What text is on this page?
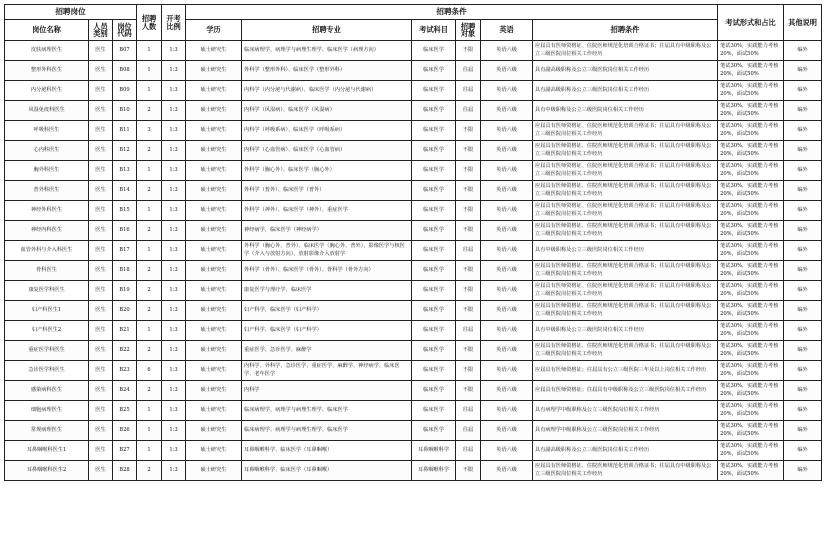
招聘岗位			招聘人数	开考比例	招聘条件						考试形式和占比	其他说明
岗位名称	人员类别	岗位代码			学历	招聘专业	考试科目	招聘对象	英语	招聘条件		
皮肤病理医生	医生	B07	1	1:3	硕士研究生	临床病理学、病理学与病理生理学、临床医学（病理方向）	临床医学	不限	英语六级	应届具有医师资格证、住院医师规范化培训合格证书；往届具有中级职称及公立三级医院岗位相关工作经历	笔试30%，实践能力考核20%，面试50%	编外
整形外科医生	医生	B08	1	1:3	硕士研究生	外科学（整形外科）、临床医学（整形外科）	临床医学	往届	英语六级	具有副高级职称及公立三级医院岗位相关工作经历	笔试30%，实践能力考核20%，面试50%	编外
内分泌科医生	医生	B09	1	1:3	硕士研究生	内科学（内分泌与代谢病）、临床医学（内分泌与代谢病）	临床医学	往届	英语六级	具有副高级职称及公立三级医院岗位相关工作经历	笔试30%，实践能力考核20%，面试50%	编外
风湿免疫科医生	医生	B10	2	1:3	硕士研究生	内科学（风湿病）、临床医学（风湿病）	临床医学	往届	英语六级	具有中级职称及公立三级医院岗位相关工作经历	笔试30%，实践能力考核20%，面试50%	编外
呼吸科医生	医生	B11	3	1:3	硕士研究生	内科学（呼吸系病）、临床医学（呼吸系病）	临床医学	不限	英语六级	应届具有医师资格证、住院医师规范化培训合格证书；往届具有中级职称及公立三级医院岗位相关工作经历	笔试30%，实践能力考核20%，面试50%	编外
心内科医生	医生	B12	2	1:3	硕士研究生	内科学（心血管病）、临床医学（心血管病）	临床医学	不限	英语六级	应届具有医师资格证、住院医师规范化培训合格证书；往届具有中级职称及公立三级医院岗位相关工作经历	笔试30%，实践能力考核20%，面试50%	编外
胸外科医生	医生	B13	1	1:3	硕士研究生	外科学（胸心外）、临床医学（胸心外）	临床医学	不限	英语六级	应届具有医师资格证、住院医师规范化培训合格证书；往届具有中级职称及公立三级医院岗位相关工作经历	笔试30%，实践能力考核20%，面试50%	编外
普外科医生	医生	B14	2	1:3	硕士研究生	外科学（普外）、临床医学（普外）	临床医学	不限	英语六级	应届具有医师资格证、住院医师规范化培训合格证书；往届具有中级职称及公立三级医院岗位相关工作经历	笔试30%，实践能力考核20%，面试50%	编外
神经外科医生	医生	B15	1	1:3	硕士研究生	外科学（神外）、临床医学（神外）、重症医学	临床医学	不限	英语六级	应届具有医师资格证、住院医师规范化培训合格证书；往届具有中级职称及公立三级医院岗位相关工作经历	笔试30%，实践能力考核20%，面试50%	编外
神经内科医生	医生	B16	2	1:3	硕士研究生	神经病学、临床医学（神经病学）	临床医学	不限	英语六级	应届具有医师资格证、住院医师规范化培训合格证书；往届具有中级职称及公立三级医院岗位相关工作经历	笔试30%，实践能力考核20%，面试50%	编外
血管外科与介入科医生	医生	B17	1	1:3	硕士研究生	外科学（胸心外、普外）、临床医学（胸心外、普外）、影像医学与核医学（介入与放射方向）、放射影像介入放射学	临床医学	往届	英语六级	具有中级职称及公立三级医院岗位相关工作经历	笔试30%，实践能力考核20%，面试50%	编外
骨科医生	医生	B18	2	1:3	硕士研究生	外科学（骨外）、临床医学（骨外）、骨科学（骨外方向）	临床医学	不限	英语六级	应届具有医师资格证、住院医师规范化培训合格证书；往届具有中级职称及公立三级医院岗位相关工作经历	笔试30%，实践能力考核20%，面试50%	编外
康复医学科医生	医生	B19	2	1:3	硕士研究生	康复医学与理疗学、临床医学	临床医学	不限	英语六级	应届具有医师资格证、住院医师规范化培训合格证书；往届具有中级职称及公立三级医院岗位相关工作经历	笔试30%，实践能力考核20%，面试50%	编外
妇产科医生1	医生	B20	2	1:3	硕士研究生	妇产科学、临床医学（妇产科学）	临床医学	不限	英语六级	应届具有医师资格证、住院医师规范化培训合格证书；往届具有中级职称及公立三级医院岗位相关工作经历	笔试30%，实践能力考核20%，面试50%	编外
妇产科医生2	医生	B21	1	1:3	硕士研究生	妇产科学、临床医学（妇产科学）	临床医学	往届	英语六级	具有中级职称及公立三级医院岗位相关工作经历	笔试30%，实践能力考核20%，面试50%	编外
重症医学科医生	医生	B22	2	1:3	硕士研究生	重症医学、急诊医学、麻醉学	临床医学	不限	英语六级	应届具有医师资格证、住院医师规范化培训合格证书；往届具有中级职称及公立三级医院岗位相关工作经历	笔试30%，实践能力考核20%，面试50%	编外
急诊医学科医生	医生	B23	6	1:3	硕士研究生	内科学、外科学、急诊医学、重症医学、麻醉学、神经病学、临床医学、老年医学	临床医学	不限	英语六级	应届具有医师资格证；往届具有公立三级医院三年及以上岗位相关工作经历	笔试30%，实践能力考核20%，面试50%	编外
感染病科医生	医生	B24	2	1:3	硕士研究生	内科学	临床医学	不限	英语六级	应届具有医师资格证；往届具有中级职称及公立三级医院岗位相关工作经历	笔试30%，实践能力考核20%，面试50%	编外
细胞病理医生	医生	B25	1	1:3	硕士研究生	临床病理学、病理学与病理生理学、临床医学	临床医学	往届	英语六级	具有病理学中级职称及公立三级医院岗位相关工作经历	笔试30%，实践能力考核20%，面试50%	编外
常规病理医生	医生	B26	1	1:3	硕士研究生	临床病理学、病理学与病理生理学、临床医学	临床医学	往届	英语六级	具有病理学中级职称及公立三级医院岗位相关工作经历	笔试30%，实践能力考核20%，面试50%	编外
耳鼻咽喉科医生1	医生	B27	1	1:3	硕士研究生	耳鼻咽喉科学、临床医学（耳鼻咽喉）	耳鼻咽喉科学	往届	英语六级	具有副高级职称及公立三级医院岗位相关工作经历	笔试30%，实践能力考核20%，面试50%	编外
耳鼻咽喉科医生2	医生	B28	2	1:3	硕士研究生	耳鼻咽喉科学、临床医学（耳鼻咽喉）	耳鼻咽喉科学	不限	英语六级	应届具有医师资格证、住院医师规范化培训合格证书；往届具有中级职称及公立三级医院岗位相关工作经历	笔试30%，实践能力考核20%，面试50%	编外
